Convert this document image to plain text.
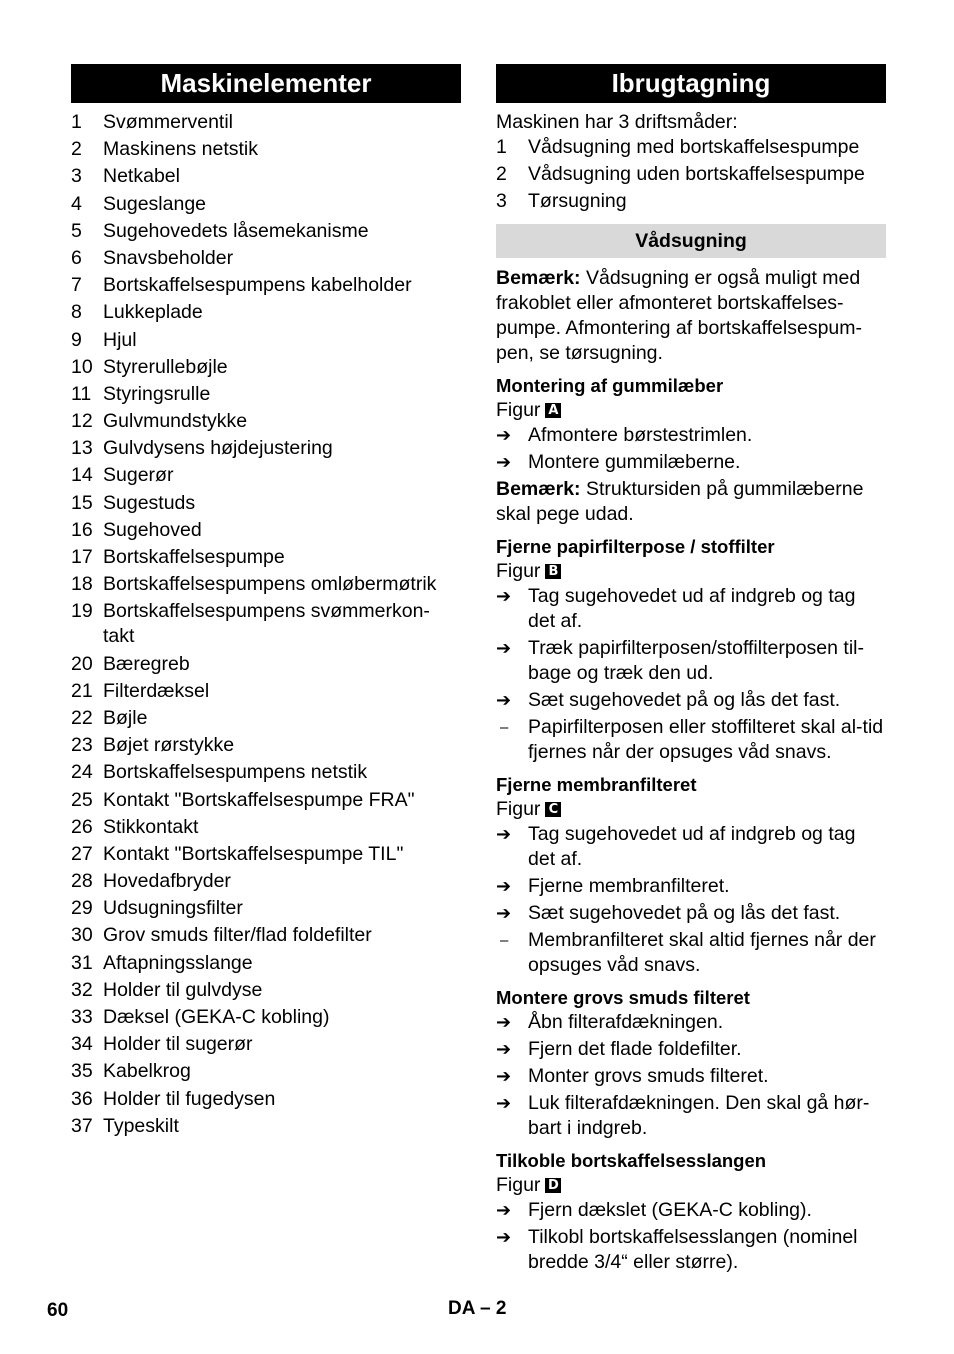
Maskinelementer
1	Svømmerventil
2	Maskinens netstik
3	Netkabel
4	Sugeslange
5	Sugehovedets låsemekanisme
6	Snavsbeholder
7	Bortskaffelsespumpens kabelholder
8	Lukkeplade
9	Hjul
10 Styrerullebøjle
11 Styringsrulle
12 Gulvmundstykke
13 Gulvdysens højdejustering
14 Sugerør
15 Sugestuds
16 Sugehoved
17 Bortskaffelsespumpe
18 Bortskaffelsespumpens omløbermøtrik
19 Bortskaffelsespumpens svømmerkon-takt
20 Bæregreb
21 Filterdæksel
22 Bøjle
23 Bøjet rørstykke
24 Bortskaffelsespumpens netstik
25 Kontakt "Bortskaffelsespumpe FRA"
26 Stikkontakt
27 Kontakt "Bortskaffelsespumpe TIL"
28 Hovedafbryder
29 Udsugningsfilter
30 Grov smuds filter/flad foldefilter
31 Aftapningsslange
32 Holder til gulvdyse
33 Dæksel (GEKA-C kobling)
34 Holder til sugerør
35 Kabelkrog
36 Holder til fugedysen
37 Typeskilt
Ibrugtagning

Maskinen har 3 driftsmåder:

1	Vådsugning med bortskaffelsespumpe
2	Vådsugning uden bortskaffelsespumpe
3	Tørsugning
Vådsugning

Bemærk: Vådsugning er også muligt med frakoblet eller afmonteret bortskaffelses-pumpe. Afmontering af bortskaffelsespum-pen, se tørsugning.

Montering af gummilæber
Figur A
➔ Afmontere børstestrimlen.
➔ Montere gummilæberne.

Bemærk: Struktursiden på gummilæberne skal pege udad.

Fjerne papirfilterpose / stoffilter
Figur B
➔ Tag sugehovedet ud af indgreb og tag det af.
➔ Træk papirfilterposen/stoffilterposen til-bage og træk den ud.
➔ Sæt sugehovedet på og lås det fast.
–	Papirfilterposen eller stoffilteret skal al-tid fjernes når der opsuges våd snavs.
Fjerne membranfilteret
Figur C
➔ Tag sugehovedet ud af indgreb og tag det af.
➔ Fjerne membranfilteret.
➔ Sæt sugehovedet på og lås det fast.
–	Membranfilteret skal altid fjernes når der opsuges våd snavs.
Montere grovs smuds filteret
➔ Åbn filterafdækningen.
➔ Fjern det flade foldefilter.
➔ Monter grovs smuds filteret.
➔ Luk filterafdækningen. Den skal gå hør-bart i indgreb.
Tilkoble bortskaffelsesslangen
Figur D
➔ Fjern dækslet (GEKA-C kobling).
➔ Tilkobl bortskaffelsesslangen (nominel bredde 3/4“ eller større).
60	DA – 2
